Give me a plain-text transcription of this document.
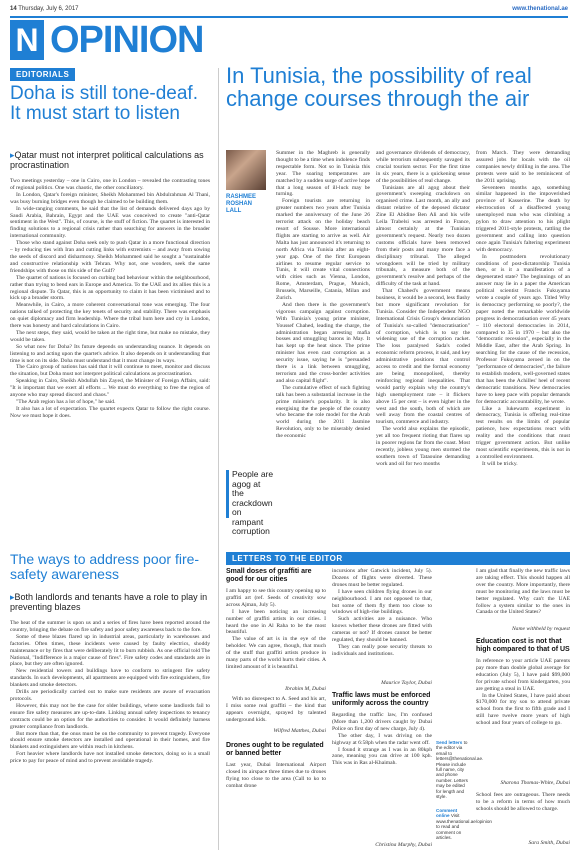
14 Thursday, July 6, 2017	www.thenational.ae
N OPINION
EDITORIALS
Doha is still tone-deaf. It must start to listen
▸Qatar must not interpret political calculations as procrastination

Two meetings yesterday – one in Cairo, one in London – revealed the contrasting tones of regional politics. One was chaotic, the other conciliatory.

In London, Qatar's foreign minister, Sheikh Mohammed bin Abdulrahman Al Thani, was busy burning bridges even though he claimed to be building them.

In wide-ranging comments, he said that the list of demands delivered days ago by Saudi Arabia, Bahrain, Egypt and the UAE was conceived to create "anti-Qatar sentiment in the West". This, of course, is the stuff of fiction. The quartet is interested in finding solutions to a regional crisis rather than searching for answers in the broader international community.

Those who stand against Doha seek only to push Qatar in a more functional direction – by reducing ties with Iran and cutting links with extremists – and away from sowing the seeds of discord and disharmony. Sheikh Mohammed said he sought a "sustainable and constructive relationship with Tehran. Why not, one wonders, seek the same friendships with those on this side of the Gulf?

The quartet of nations is focused on curbing bad behaviour within the neighbourhood, rather than trying to bend ears in Europe and America. To the UAE and its allies this is a regional dispute. To Qatar, this is an opportunity to claim it has been victimised and to kick up a broader storm.

Meanwhile, in Cairo, a more coherent conversational tone was emerging. The four nations talked of protecting the key tenets of security and stability. There was emphasis on quiet diplomacy and firm leadership. Where the tribal hum here and cry in London, there was honesty and hard calculations in Cairo.

The next steps, they said, would be taken at the right time, but make no mistake, they would be taken.

So what now for Doha? Its future depends on understanding nuance. It depends on listening to and acting upon the quartet's advice. It also depends on it understanding that time is not on its side. Doha must understand that it must change its ways.

The Cairo group of nations has said that it will continue to meet, monitor and discuss the situation, but Doha must not interpret political calculations as procrastination.

Speaking in Cairo, Sheikh Abdullah bin Zayed, the Minister of Foreign Affairs, said: "It is important that we exert all efforts ... We must do everything to free the region of anyone who may spread discord and chaos."

"The Arab region has a lot of hope," he said.

It also has a lot of expectation. The quartet expects Qatar to follow the right course. Now we must hope it does.

The ways to address poor fire-safety awareness
▸Both landlords and tenants have a role to play in preventing blazes

The heat of the summer is upon us and a series of fires have been reported around the country, bringing the debate on fire safety and poor safety awareness back to the fore.

Some of these blazes flared up in industrial areas, particularly in warehouses and factories. Often times, these incidents were caused by faulty electrics, shoddy maintenance or by fires that were deliberately lit to burn rubbish. As one official told The National, "Indifference is a major cause of fires". Fire safety codes and standards are in place, but they are often ignored.

New residential towers and buildings have to conform to stringent fire safety standards. In such developments, all apartments are equipped with fire extinguishers, fire blankets and smoke detectors.

Drills are periodically carried out to make sure residents are aware of evacuation protocols.

However, this may not be the case for older buildings, where some landlords fail to ensure fire safety measures are up-to-date. Linking annual safety inspections to tenancy contracts could be an option for the authorities to consider. It would definitely harness greater compliance from landlords.

But more than that, the onus must be on the community to prevent tragedy. Everyone should ensure smoke detectors are installed and operational in their homes, and fire blankets and extinguishers are within reach in kitchens.

Fort heavier where landlords have not installed smoke detectors, doing so is a small price to pay for peace of mind and to prevent avoidable tragedy.

In Tunisia, the possibility of real change courses through the air
RASHMEE ROSHAN LALL

Summer in the Maghreb is generally thought to be a time when indolence finds respectable form. Not so in Tunisia this year. The soaring temperatures are matched by a sudden surge of active hope that a long season of ill-luck may be turning.

Foreign tourists are returning in greater numbers two years after Tunisia marked the anniversary of the June 26 terrorist attack on the holiday beach resort of Sousse. More international flights are starting to arrive as well. Air Malta has just announced it's returning to north Africa via Tunisia after an eight-year gap. One of the first European airlines to resume regular service to Tunis, it will create vital connections with cities such as Vienna, London, Rome, Amsterdam, Prague, Munich, Brussels, Marseille, Catania, Milan and Zurich.

And then there is the government's vigorous campaign against corruption. With Tunisia's young prime minister, Youssef Chahed, leading the charge, the administration began arresting mafia bosses and smuggling barons in May. It has kept up the heat since. The prime minister has even cast corruption as a security issue, saying he is "persuaded there is a link between smuggling, terrorism and the cross-border activities and also capital flight".

The cumulative effect of such fighting talk has been a substantial increase in the prime minister's popularity. It is also energising the the people of the country who became the role model for the Arab world during the 2011 Jasmine Revolution, only to be miserably denied the economic

People are agog at the crackdown on rampant corruption

and governance dividends of democracy, while terrorism subsequently savaged its crucial tourism sector. For the first time in six years, there is a quickening sense of the possibilities of real change.

Tunisians are all agog about their government's sweeping crackdown on organised crime. Last month, an ally and distant relative of the deposed dictator Zine El Abidine Ben Ali and his wife Leila Trabelsi was arrested in France, almost certainly at the Tunisian government's request. Nearly two dozen customs officials have been removed from their posts and many more face a disciplinary tribunal. The alleged wrongdoers will be tried by military tribunals, a measure both of the government's resolve and perhaps of the difficulty of the task at hand.

That Chahed's government means business, it would be a second, less flashy but more significant revolution for Tunisia. Consider the Independent NGO International Crisis Group's denunciation of Tunisia's so-called "democratisation" of corruption, which is to say the widening use of the corruption racket. The loss paralysed Sada's coded economic reform process, it said, and key administrative positions that control access to credit and the formal economy are being monopolised, thereby reinforcing regional inequalities. That would partly explain why the country's high unemployment rate – it flickers above 15 per cent – is even higher in the west and the south, both of which are well away from the coastal centres of tourism, commerce and industry.

The world also explains the episodic, yet all too frequent rioting that flares up in poorer regions far from the coast. Most recently, jobless young men stormed the southern town of Tataouine demanding work and oil for two months

from March. They were demanding assured jobs for locals with the oil companies newly drilling in the area. The protests were said to be reminiscent of the 2011 uprising.

Seventeen months ago, something similar happened in the impoverished province of Kasserine. The death by electrocution of a disaffected young unemployed man who was climbing a pylon to draw attention to his plight triggered 2011-style protests, rattling the government and calling into question once again Tunisia's faltering experiment with democracy.

In postmodern revolutionary conditions of post-dictatorship Tunisia then, or is it a manifestation of a degenerated state? The beginnings of an answer may lie in a paper the American political scientist Francis Fukuyama wrote a couple of years ago. Titled Why is democracy performing so poorly?, the paper noted the remarkable worldwide progress in democratisation over 45 years – 110 electoral democracies in 2014, compared to 35 in 1970 – but also the "democratic recession", especially in the Middle East, after the Arab Spring. In searching for the cause of the recession, Professor Fukuyama zeroed in on the "performance of democracies", the failure to establish modern, well-governed states that has been the Achilles' heel of recent democratic transitions. New democracies have to keep pace with popular demands for democratic accountability, he wrote.

Like a lukewarm experiment in democracy, Tunisia is offering real-time test results on the limits of popular patience, how expectations react with reality and the conditions that must trigger government action. But unlike most scientific experiments, this is not in a controlled environment.

It will be tricky.

LETTERS TO THE EDITOR
Small doses of graffiti are good for our cities

I am happy to see this country opening up to graffiti art (ref. Seeds of creativity sow across Ajman, July 5).

I have been noticing an increasing number of graffiti artists in our cities. I heard the one in Al Raha to be the most beautiful.

The value of art is in the eye of the beholder. We can agree, though, that much of the stuff that graffiti artists produce in many parts of the world hurts their cities. A limited amount of it is beautiful.

Ibrahim M, Dubai

With no disrespect to A. Seed and his art, I miss some real graffiti – the kind that appears overnight, sprayed by talented underground kids.

Wilfred Matthes, Dubai
Drones ought to be regulated or banned better

Last year, Dubai International Airport closed its airspace three times due to drones flying too close to the area (Call to ko to combat drone

incursions after Gatwick incident, July 5). Dozens of flights were diverted. These drones must be better regulated.

I have seen children flying drones in our neighbourhood. I am not opposed to that, but some of them fly them too close to windows of high-rise buildings.

Such activities are a nuisance. Who knows whether these drones are fitted with cameras or not? If drones cannot be better regulated, they should be banned.

They can really pose security threats to individuals and institutions.

Maurice Taylor, Dubai
Traffic laws must be enforced uniformly across the country

Regarding the traffic law, I'm confused (More than 1,200 drivers caught by Dubai Police on first day of new charge, July 4).

The other day, I was driving on the highway at 6:58ph when the radar went off.

I found it strange as I was in an 80kph zone, meaning you can drive at 100 kph. This was in Ras al-Khaimah.

Christina Murphy, Dubai
Send letters to the editor via email to letters@thenational.ae. Please include full name, city and phone number. Letters may be edited for length and style.
Comment online Visit www.thenational.ae/opinion to read and comment on articles.

I am glad that finally the new traffic laws are taking effect. This should happen all over the country. More importantly, there must be monitoring and the laws must be better regulated. Why can't the UAE follow a system similar to the ones in Canada or the United States?

Name withheld by request
Education cost is not that high compared to that of US

In reference to your article UAE parents pay more than double global average for education (July 5), I have paid $99,000 for private school from kindergarten, you are getting a steal in UAE.

In the United States, I have paid about $170,000 for my son to attend private school from the first to fifth grade and I still have twelve more years of high school and four years of college to go.

Sharona Thomas-White, Dubai

School fees are outrageous. There needs to be a reform in terms of how much schools should be allowed to charge.

Sara Smith, Dubai
